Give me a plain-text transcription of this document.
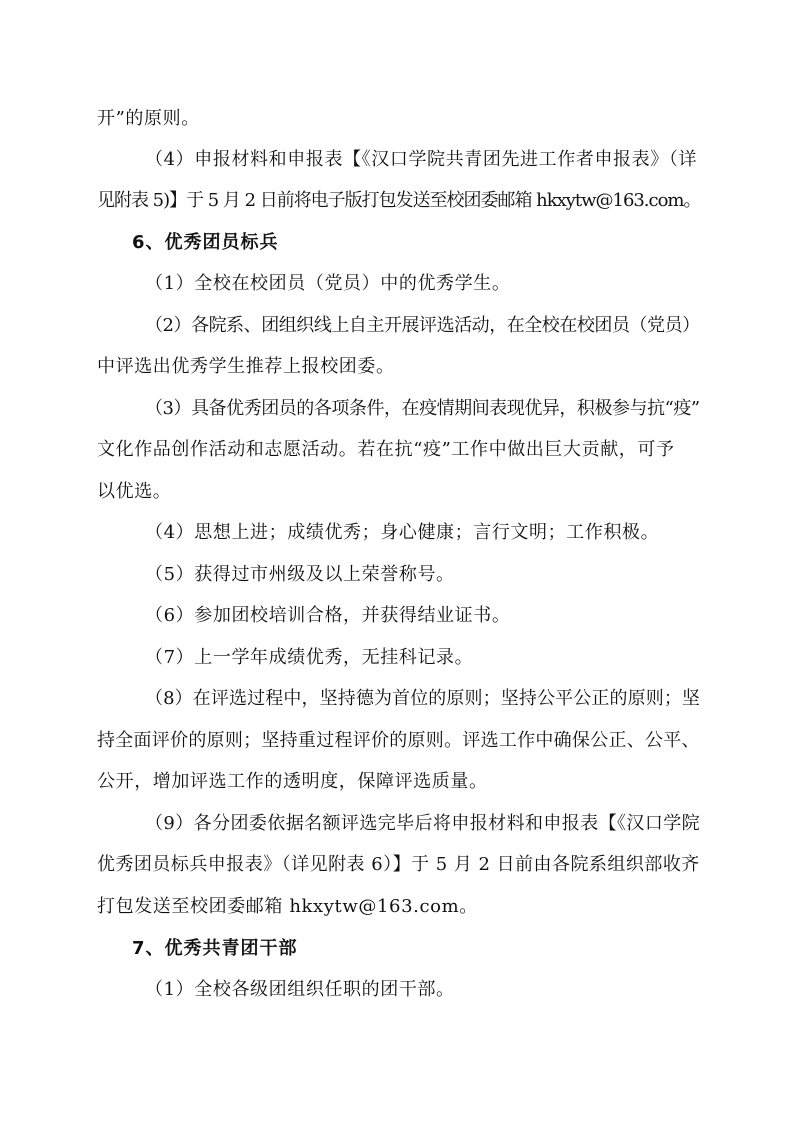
开”的原则。
（4）申报材料和申报表【《汉口学院共青团先进工作者申报表》（详
见附表 5)】于 5 月 2 日前将电子版打包发送至校团委邮箱 hkxytw@163.com。
6、优秀团员标兵
（1）全校在校团员（党员）中的优秀学生。
（2）各院系、团组织线上自主开展评选活动，在全校在校团员（党员）
中评选出优秀学生推荐上报校团委。
（3）具备优秀团员的各项条件，在疫情期间表现优异，积极参与抗“疫”
文化作品创作活动和志愿活动。若在抗“疫”工作中做出巨大贡献，可予
以优选。
（4）思想上进；成绩优秀；身心健康；言行文明；工作积极。
（5）获得过市州级及以上荣誉称号。
（6）参加团校培训合格，并获得结业证书。
（7）上一学年成绩优秀，无挂科记录。
（8）在评选过程中，坚持德为首位的原则；坚持公平公正的原则；坚
持全面评价的原则；坚持重过程评价的原则。评选工作中确保公正、公平、
公开，增加评选工作的透明度，保障评选质量。
（9）各分团委依据名额评选完毕后将申报材料和申报表【《汉口学院
优秀团员标兵申报表》（详见附表 6）】于 5 月 2 日前由各院系组织部收齐
打包发送至校团委邮箱 hkxytw@163.com。
7、优秀共青团干部
（1）全校各级团组织任职的团干部。
